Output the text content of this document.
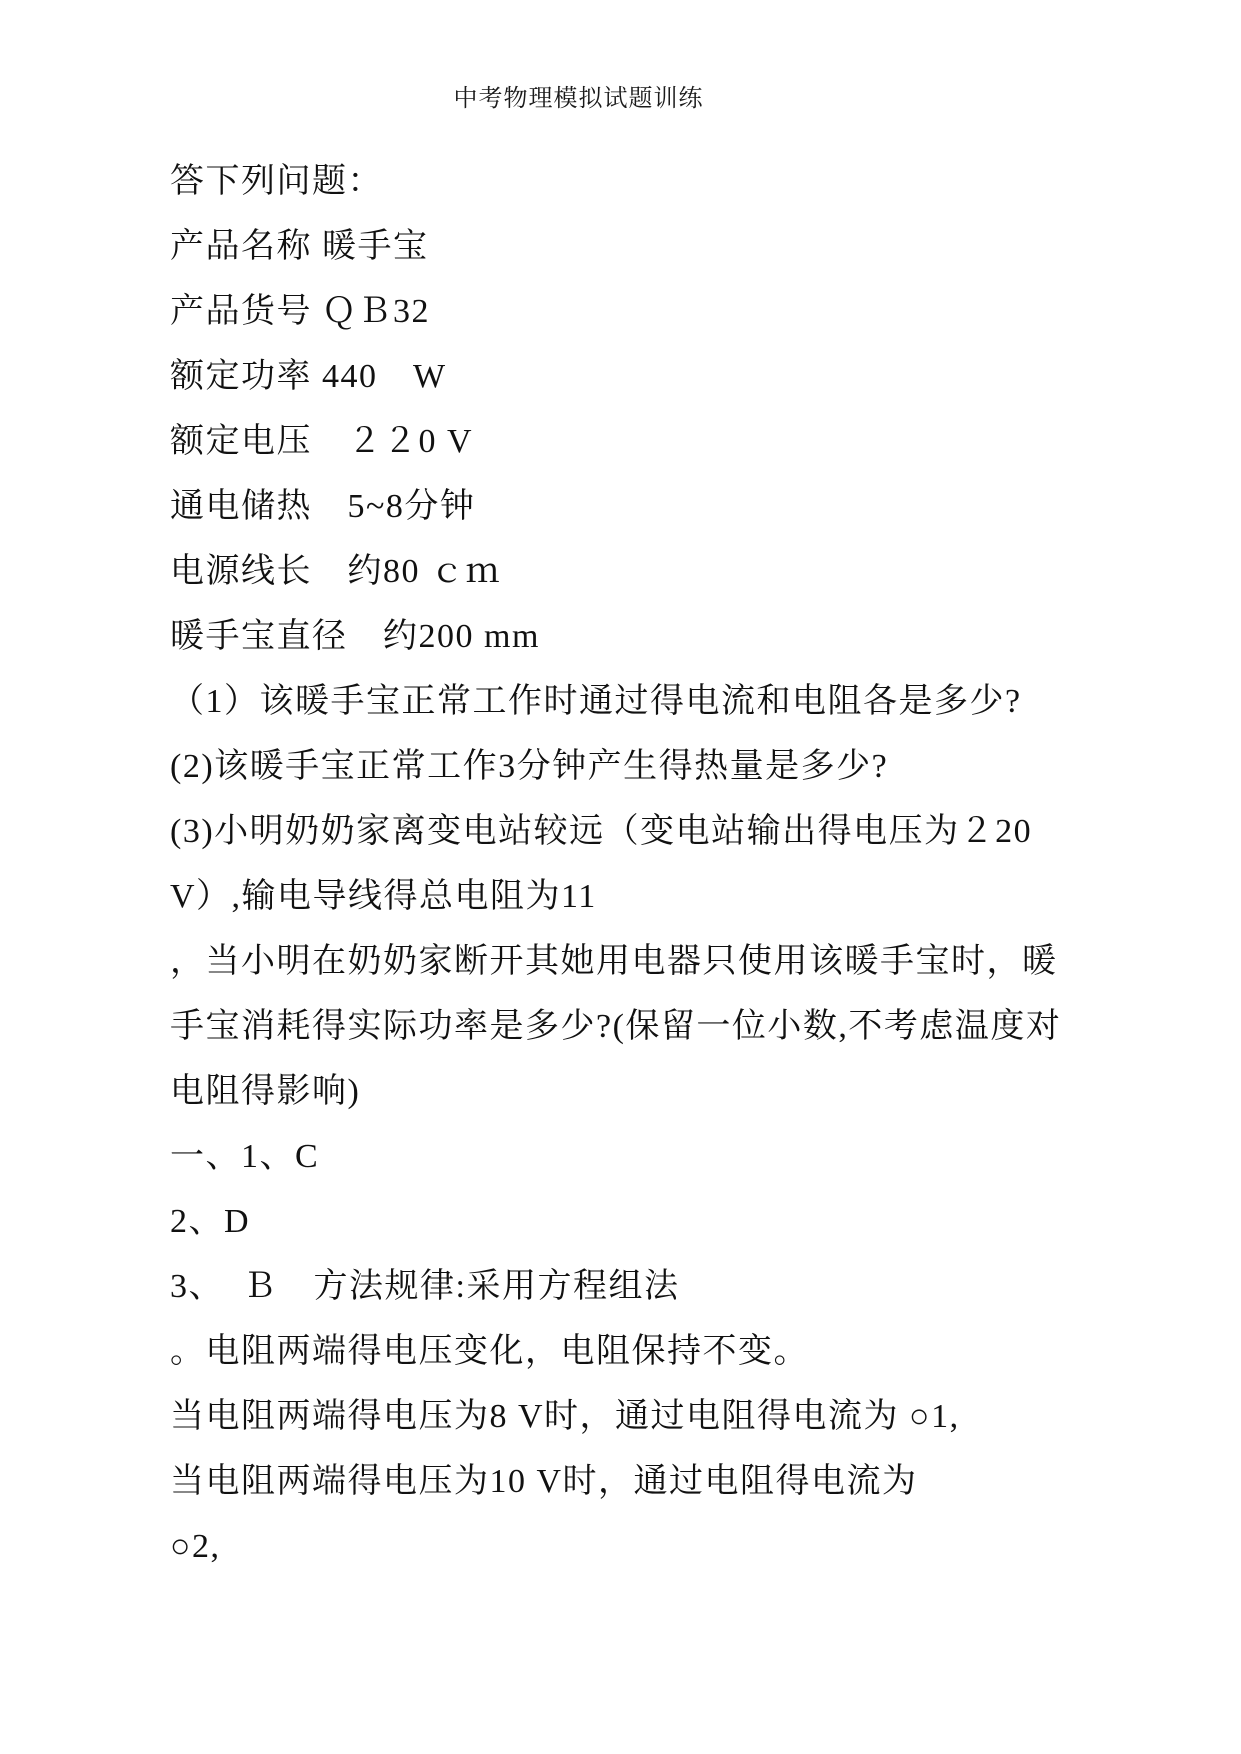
中考物理模拟试题训练

答下列问题：

产品名称 暖手宝

产品货号 ＱＢ32

额定功率 440　W

额定电压　２２0 V

通电储热　5~8分钟

电源线长　约80 ｃｍ

暖手宝直径　约200 mm

（1）该暖手宝正常工作时通过得电流和电阻各是多少?

(2)该暖手宝正常工作3分钟产生得热量是多少?

(3)小明奶奶家离变电站较远（变电站输出得电压为２20

V）,输电导线得总电阻为11

，当小明在奶奶家断开其她用电器只使用该暖手宝时，暖

手宝消耗得实际功率是多少?(保留一位小数,不考虑温度对

电阻得影响)

一、1、C

2、D

3、　Ｂ　方法规律:采用方程组法

。电阻两端得电压变化，电阻保持不变。

当电阻两端得电压为8 V时，通过电阻得电流为 ○1,

当电阻两端得电压为10 V时，通过电阻得电流为

○2,
